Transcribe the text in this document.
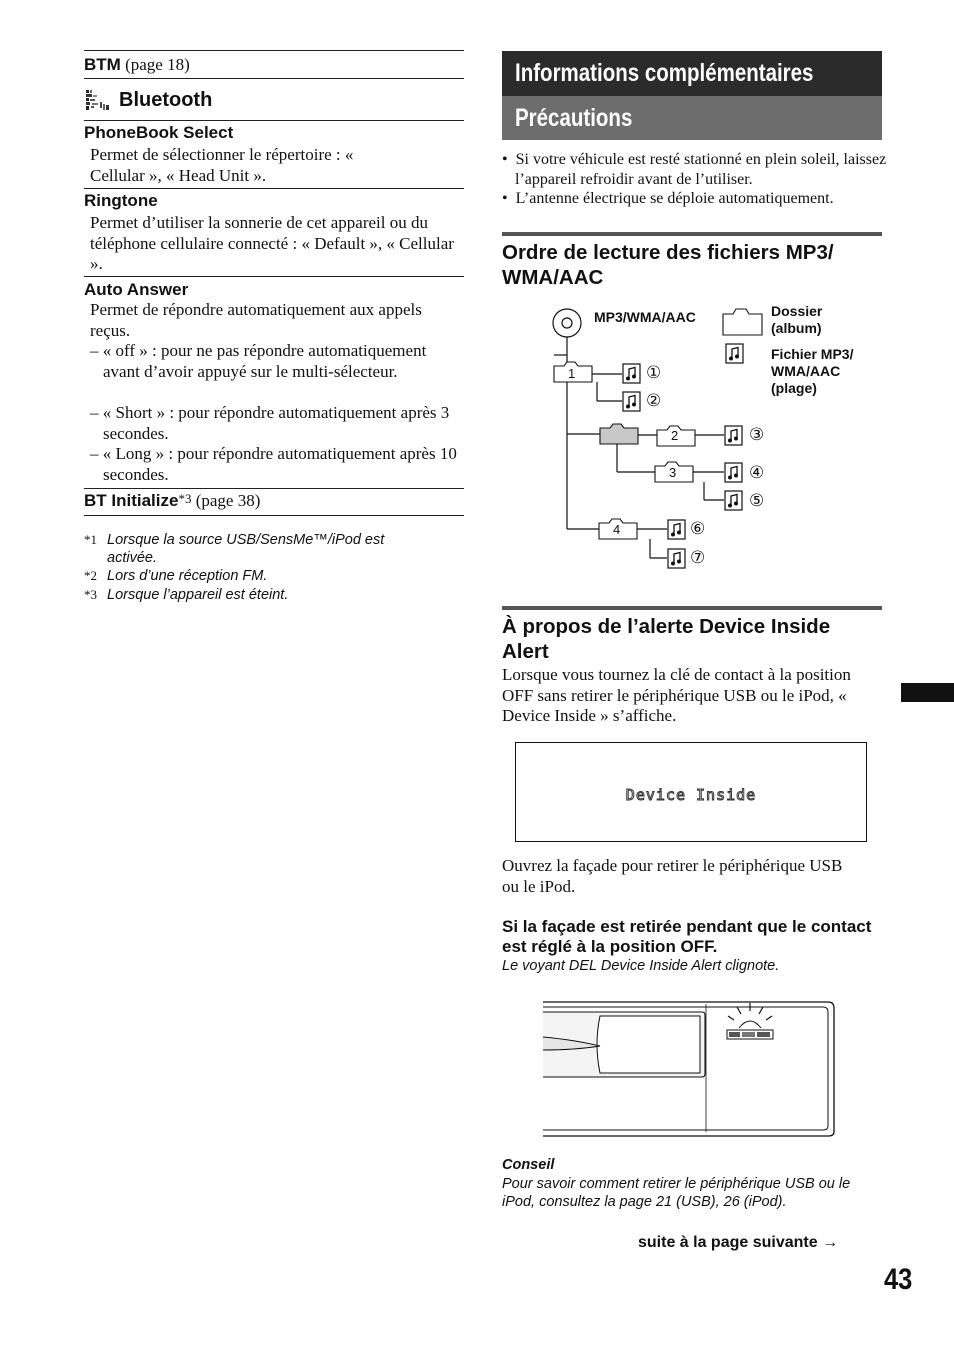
BTM (page 18)
Bluetooth
PhoneBook Select
Permet de sélectionner le répertoire : « Cellular », « Head Unit ».
Ringtone
Permet d’utiliser la sonnerie de cet appareil ou du téléphone cellulaire connecté : « Default », « Cellular ».
Auto Answer
Permet de répondre automatiquement aux appels reçus.
– « off » : pour ne pas répondre automatiquement avant d’avoir appuyé sur le multi-sélecteur.
– « Short » : pour répondre automatiquement après 3 secondes.
– « Long » : pour répondre automatiquement après 10 secondes.
BT Initialize*3 (page 38)
*1 Lorsque la source USB/SensMe™/iPod est activée.
*2 Lors d’une réception FM.
*3 Lorsque l’appareil est éteint.
Informations complémentaires
Précautions
•  Si votre véhicule est resté stationné en plein soleil, laissez l’appareil refroidir avant de l’utiliser.
•  L’antenne électrique se déploie automatiquement.
Ordre de lecture des fichiers MP3/ WMA/AAC
MP3/WMA/AAC	Dossier
(album)
Fichier MP3/
WMA/AAC
(plage)
1
2
3
4
①
②
③
④
⑤
⑥
⑦
À propos de l’alerte Device Inside Alert
Lorsque vous tournez la clé de contact à la position OFF sans retirer le périphérique USB ou le iPod, « Device Inside » s’affiche.
Device Inside
Ouvrez la façade pour retirer le périphérique USB ou le iPod.
Si la façade est retirée pendant que le contact est réglé à la position OFF.
Le voyant DEL Device Inside Alert clignote.
Conseil
Pour savoir comment retirer le périphérique USB ou le iPod, consultez la page 21 (USB), 26 (iPod).
suite à la page suivante →
43
